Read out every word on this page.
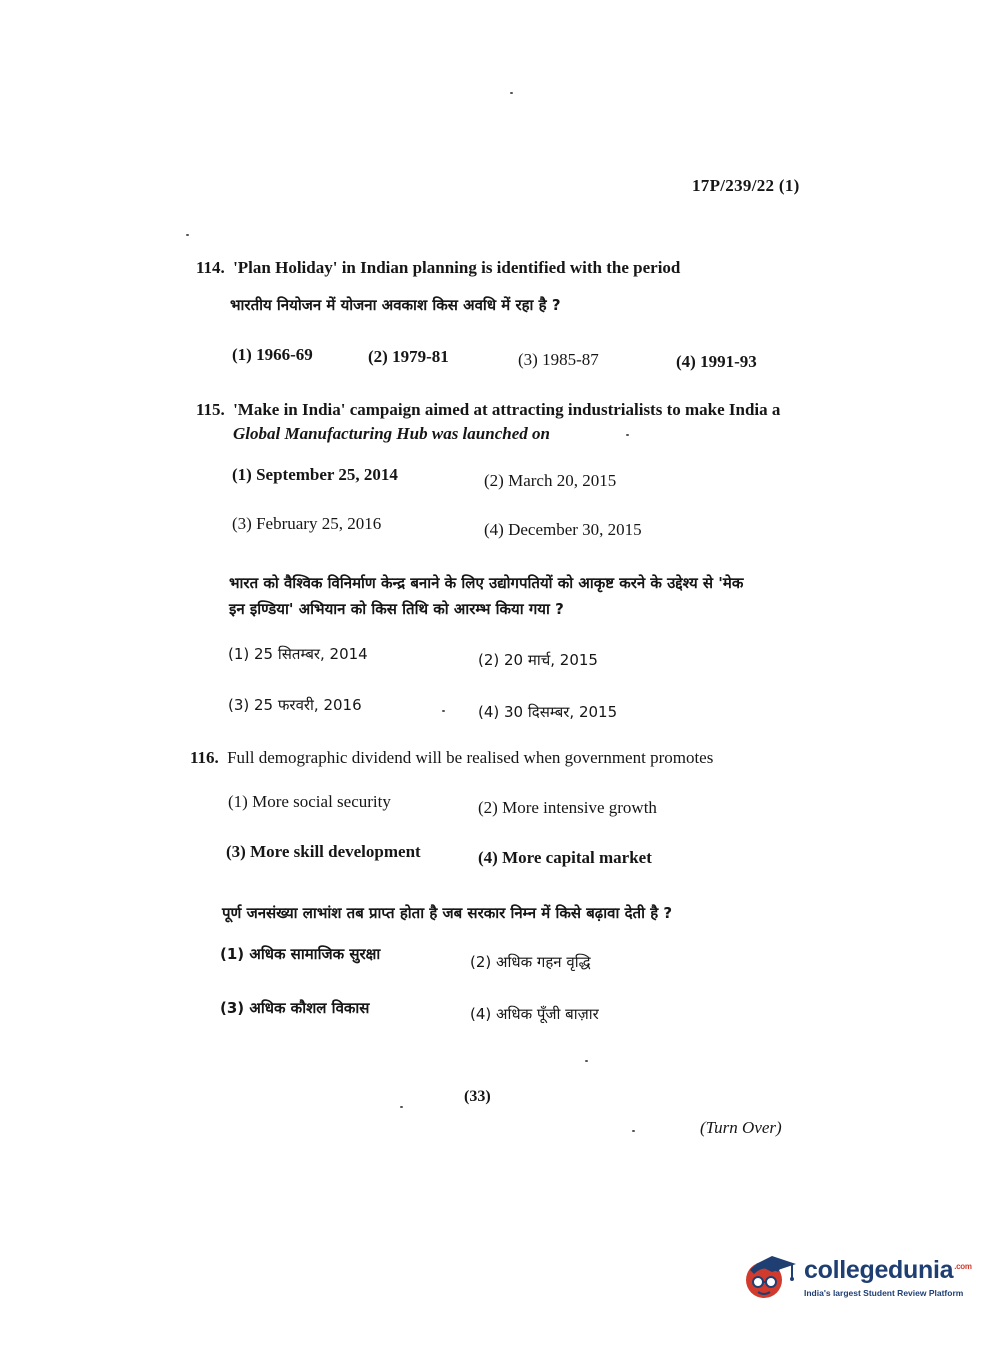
17P/239/22 (1)
114. 'Plan Holiday' in Indian planning is identified with the period
भारतीय नियोजन में योजना अवकाश किस अवधि में रहा है ?
(1) 1966-69	(2) 1979-81	(3) 1985-87	(4) 1991-93
115. 'Make in India' campaign aimed at attracting industrialists to make India a
Global Manufacturing Hub was launched on
(1) September 25, 2014	(2) March 20, 2015
(3) February 25, 2016	(4) December 30, 2015
भारत को वैश्विक विनिर्माण केन्द्र बनाने के लिए उद्योगपतियों को आकृष्ट करने के उद्देश्य से 'मेक
इन इण्डिया' अभियान को किस तिथि को आरम्भ किया गया ?
(1) 25 सितम्बर, 2014	(2) 20 मार्च, 2015
(3) 25 फरवरी, 2016	(4) 30 दिसम्बर, 2015
116. Full demographic dividend will be realised when government promotes
(1) More social security	(2) More intensive growth
(3) More skill development	(4) More capital market
पूर्ण जनसंख्या लाभांश तब प्राप्त होता है जब सरकार निम्न में किसे बढ़ावा देती है ?
(1) अधिक सामाजिक सुरक्षा	(2) अधिक गहन वृद्धि
(3) अधिक कौशल विकास	(4) अधिक पूँजी बाज़ार
(33)
(Turn Over)
collegedunia$^{.com}$
India's largest Student Review Platform
